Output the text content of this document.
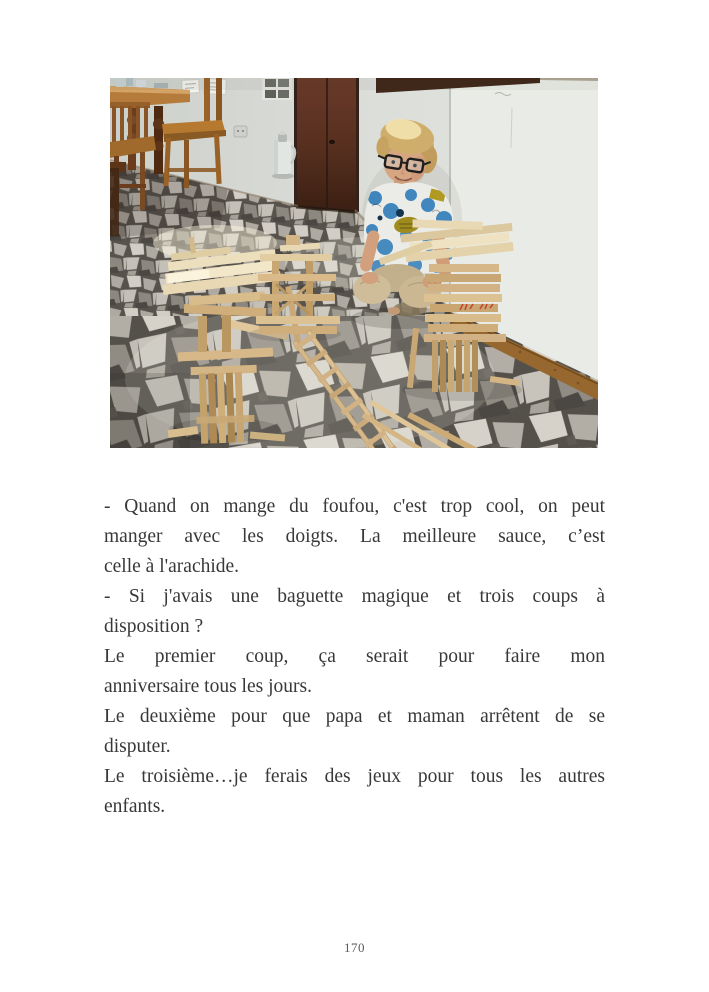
- Quand on mange du foufou, c'est trop cool, on peut
manger avec les doigts. La meilleure sauce, c’est
celle à l'arachide.
- Si j'avais une baguette magique et trois coups à
disposition ?
Le premier coup, ça serait pour faire mon
anniversaire tous les jours.
Le deuxième pour que papa et maman arrêtent de se
disputer.
Le troisième…je ferais des jeux pour tous les autres
enfants.
170
